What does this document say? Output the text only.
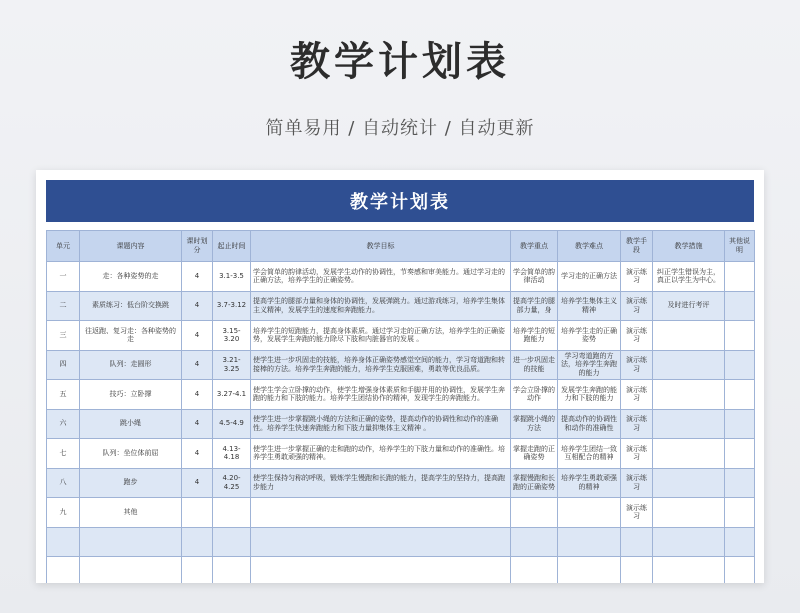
教学计划表
简单易用 / 自动统计 / 自动更新
教学计划表
单元	课题内容	课时划分	起止时间	教学目标	教学重点	教学难点	教学手段	教学措施	其他说明
一	走：各种姿势的走	4	3.1-3.5	学会简单的韵律活动，发展学生动作的协调性，节奏感和审美能力。通过学习走的正确方法，培养学生的正确姿势。	学会简单的韵律活动	学习走的正确方法	演示练习	纠正学生错误为主，真正以学生为中心。	
二	素质练习：低台阶交换跳	4	3.7-3.12	提高学生的腿部力量和身体的协调性，发展弹跳力。通过游戏练习，培养学生集体主义精神，发展学生的速度和奔跑能力。	提高学生的腿部力量，身	培养学生集体主义精神	演示练习	及时进行考评	
三	往返跑、复习走：各种姿势的走	4	3.15-3.20	培养学生的短跑能力，提高身体素质。通过学习走的正确方法，培养学生的正确姿势，发展学生奔跑的能力除尽下肢和内脏器官的发展 。	培养学生的短跑能力	培养学生走的正确姿势	演示练习		
四	队列：走圆形	4	3.21-3.25	使学生进一步巩固走的技能，培养身体正确姿势感觉空间的能力，学习弯道跑和转接棒的方法。培养学生奔跑的能力，培养学生克服困难，勇敢等优良品质。	进一步巩固走的技能	学习弯道跑的方法，培养学生奔跑的能力	演示练习		
五	技巧：立卧撑	4	3.27-4.1	使学生学会立卧撑的动作，使学生增强身体素质和手脚并用的协调性，发展学生奔跑的能力和下肢的能力。培养学生团结协作的精神，发现学生的奔跑能力。	学会立卧撑的动作	发展学生奔跑的能力和下肢的能力	演示练习		
六	跳小绳	4	4.5-4.9	使学生进一步掌握跳小绳的方法和正确的姿势，提高动作的协调性和动作的准确性。培养学生快速奔跑能力和下肢力量抑集体主义精神 。	掌握跳小绳的方法	提高动作的协调性和动作的准确性	演示练习		
七	队列：坐位体前屈	4	4.13-4.18	使学生进一步掌握正确的走和跑的动作，培养学生的下肢力量和动作的准确性。培养学生勇敢顽强的精神。	掌握走跑的正确姿势	培养学生团结一致互相配合的精神	演示练习		
八	跑步	4	4.20-4.25	使学生保持匀称的呼吸，锻炼学生慢跑和长跑的能力，提高学生的坚持力，提高跑步能力	掌握慢跑和长跑的正确姿势	培养学生勇敢顽强的精神	演示练习		
九	其他						演示练习		
